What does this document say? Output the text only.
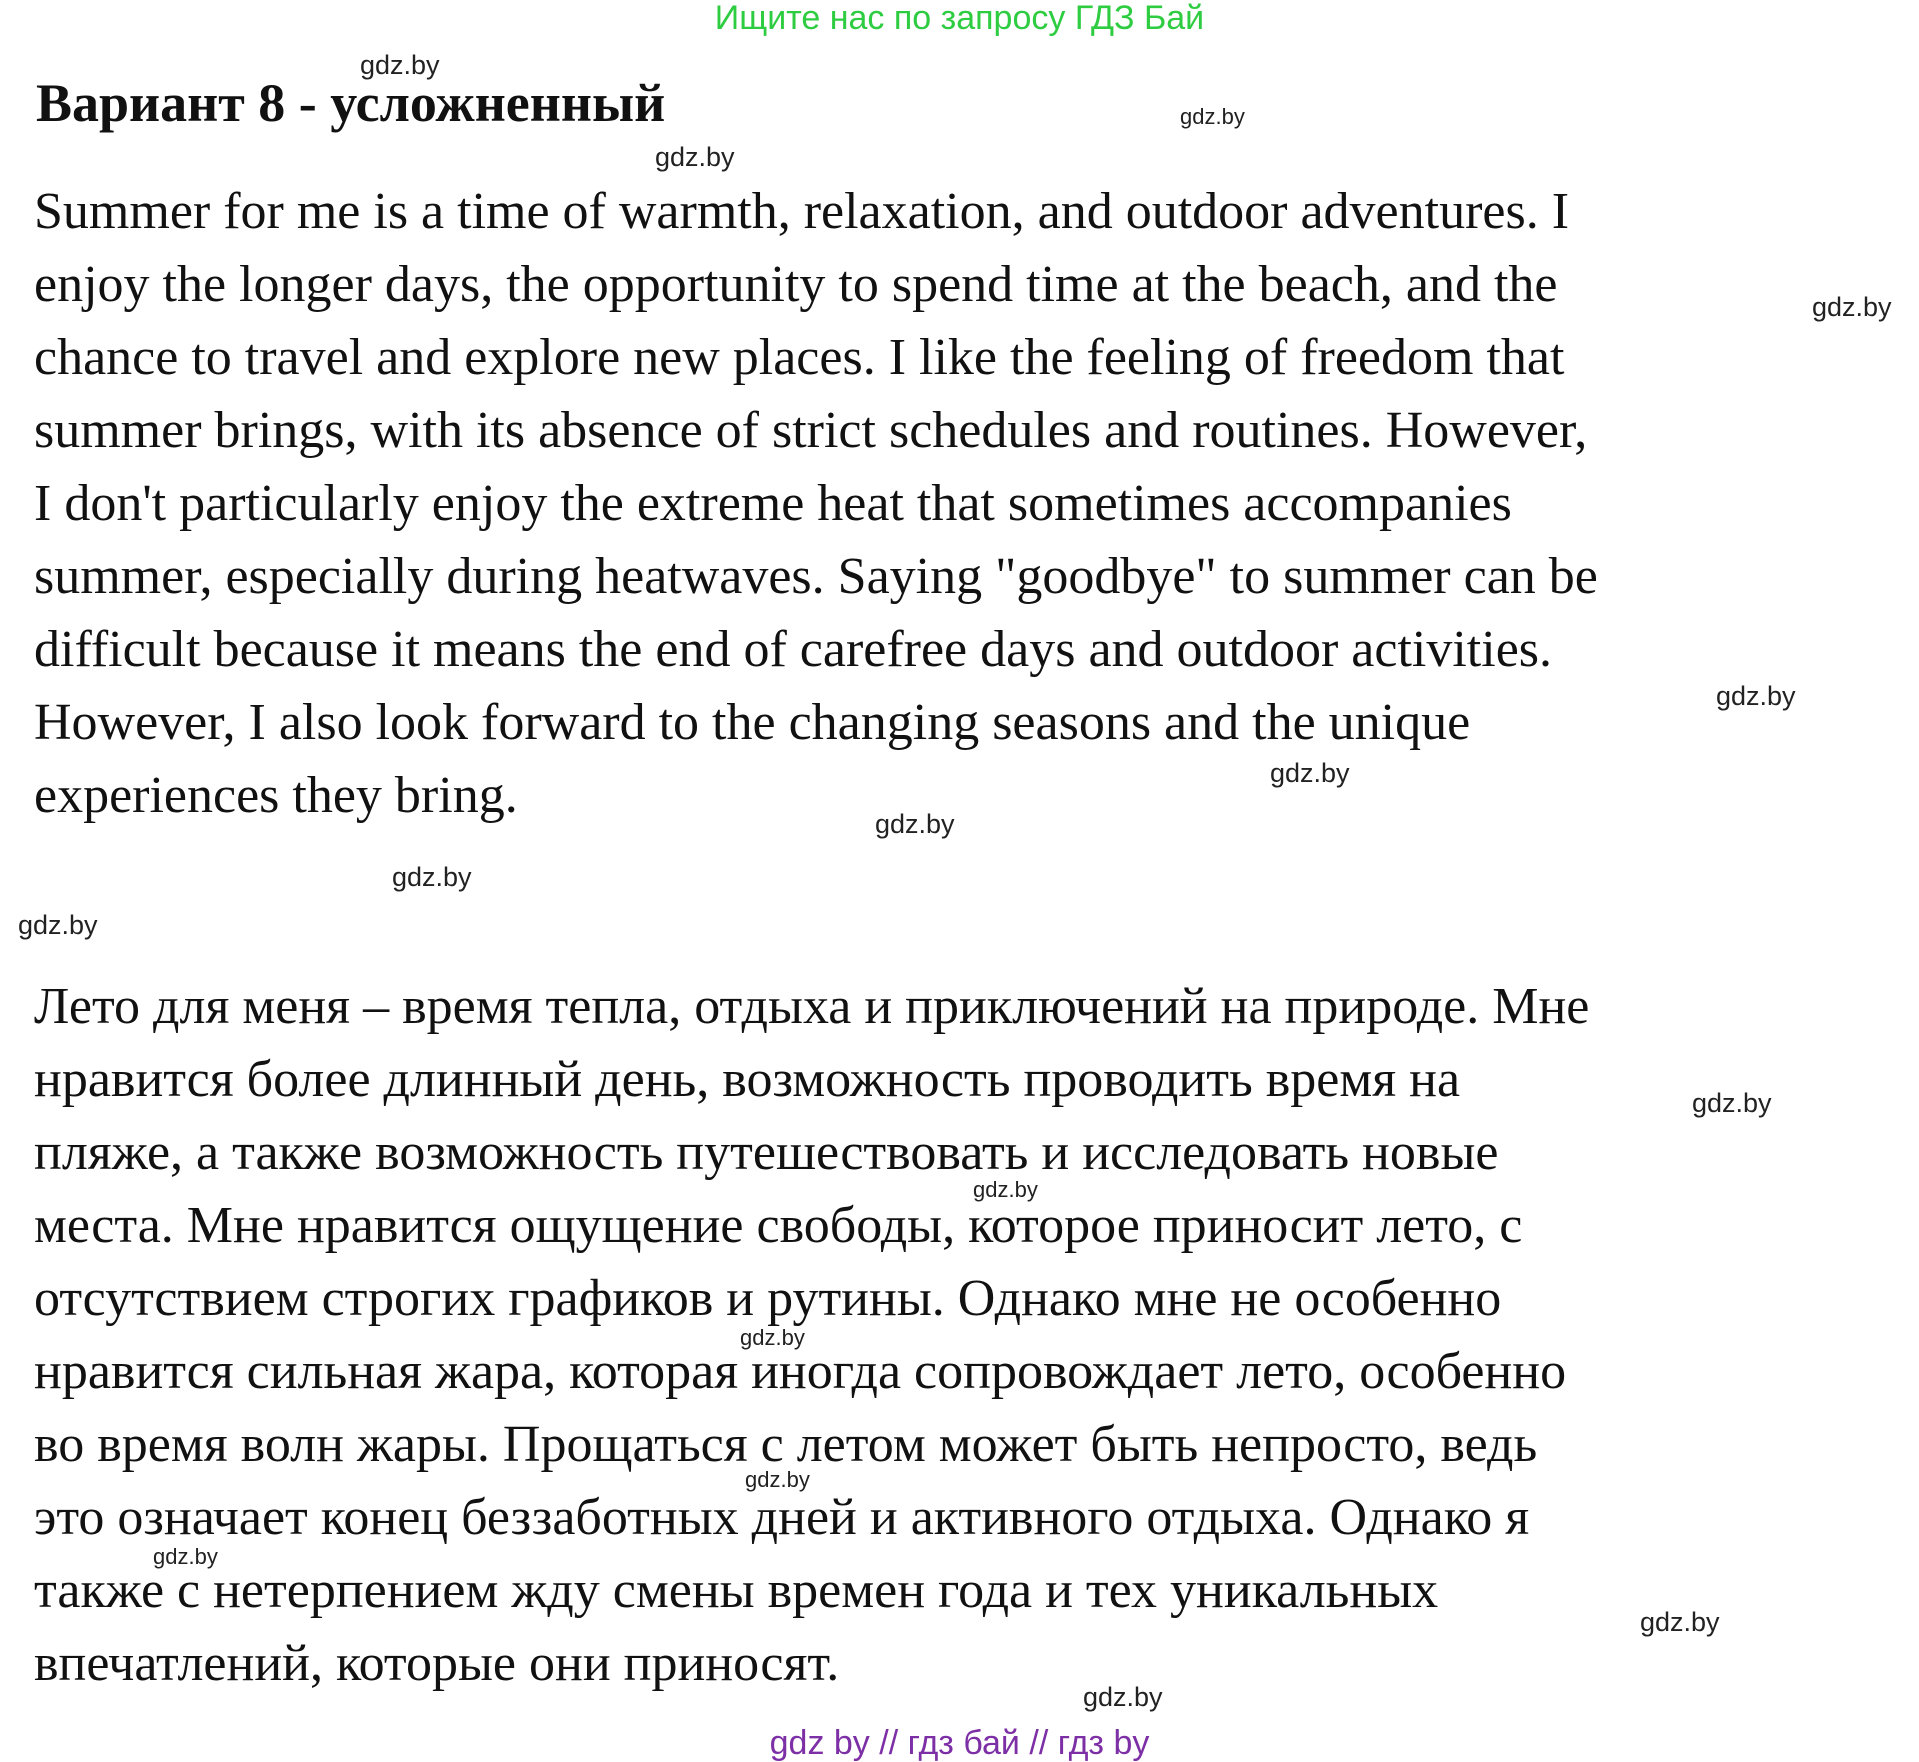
Ищите нас по запросу ГДЗ Бай
Вариант 8 - усложненный
Summer for me is a time of warmth, relaxation, and outdoor adventures. I
enjoy the longer days, the opportunity to spend time at the beach, and the
chance to travel and explore new places. I like the feeling of freedom that
summer brings, with its absence of strict schedules and routines. However,
I don't particularly enjoy the extreme heat that sometimes accompanies
summer, especially during heatwaves. Saying "goodbye" to summer can be
difficult because it means the end of carefree days and outdoor activities.
However, I also look forward to the changing seasons and the unique
experiences they bring.
Лето для меня – время тепла, отдыха и приключений на природе. Мне
нравится более длинный день, возможность проводить время на
пляже, а также возможность путешествовать и исследовать новые
места. Мне нравится ощущение свободы, которое приносит лето, с
отсутствием строгих графиков и рутины. Однако мне не особенно
нравится сильная жара, которая иногда сопровождает лето, особенно
во время волн жары. Прощаться с летом может быть непросто, ведь
это означает конец беззаботных дней и активного отдыха. Однако я
также с нетерпением жду смены времен года и тех уникальных
впечатлений, которые они приносят.
gdz.by
gdz.by
gdz.by
gdz.by
gdz.by
gdz.by
gdz.by
gdz.by
gdz.by
gdz.by
gdz.by
gdz.by
gdz.by
gdz.by
gdz.by
gdz.by
gdz by // гдз бай // гдз by
